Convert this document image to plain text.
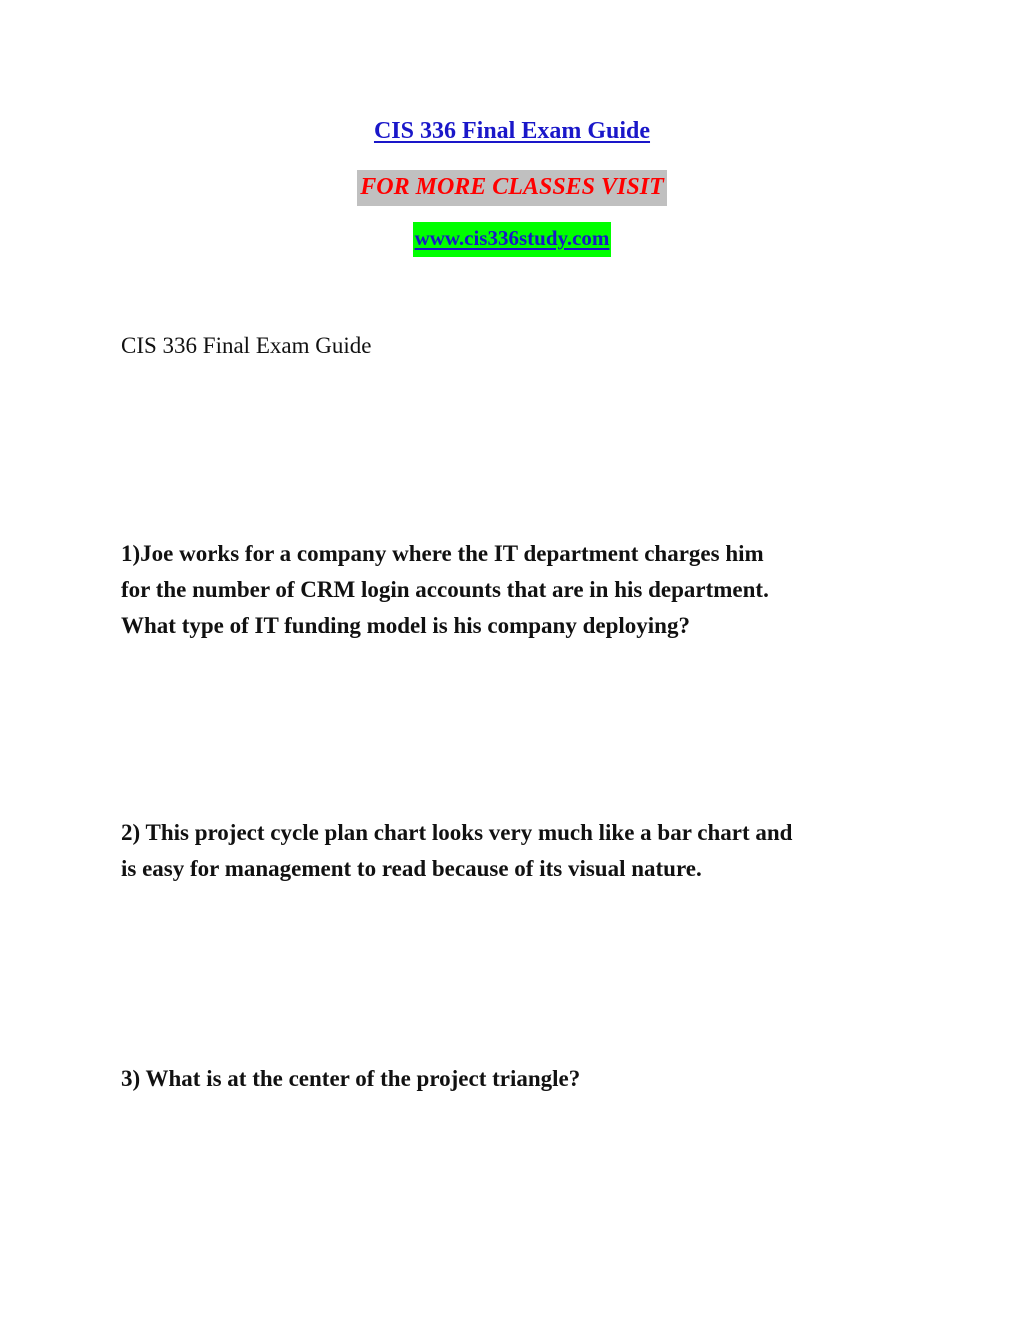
CIS 336 Final Exam Guide
FOR MORE CLASSES VISIT
www.cis336study.com
CIS 336 Final Exam Guide
1)Joe works for a company where the IT department charges him
for the number of CRM login accounts that are in his department.
What type of IT funding model is his company deploying?
2) This project cycle plan chart looks very much like a bar chart and
is easy for management to read because of its visual nature.
3) What is at the center of the project triangle?
